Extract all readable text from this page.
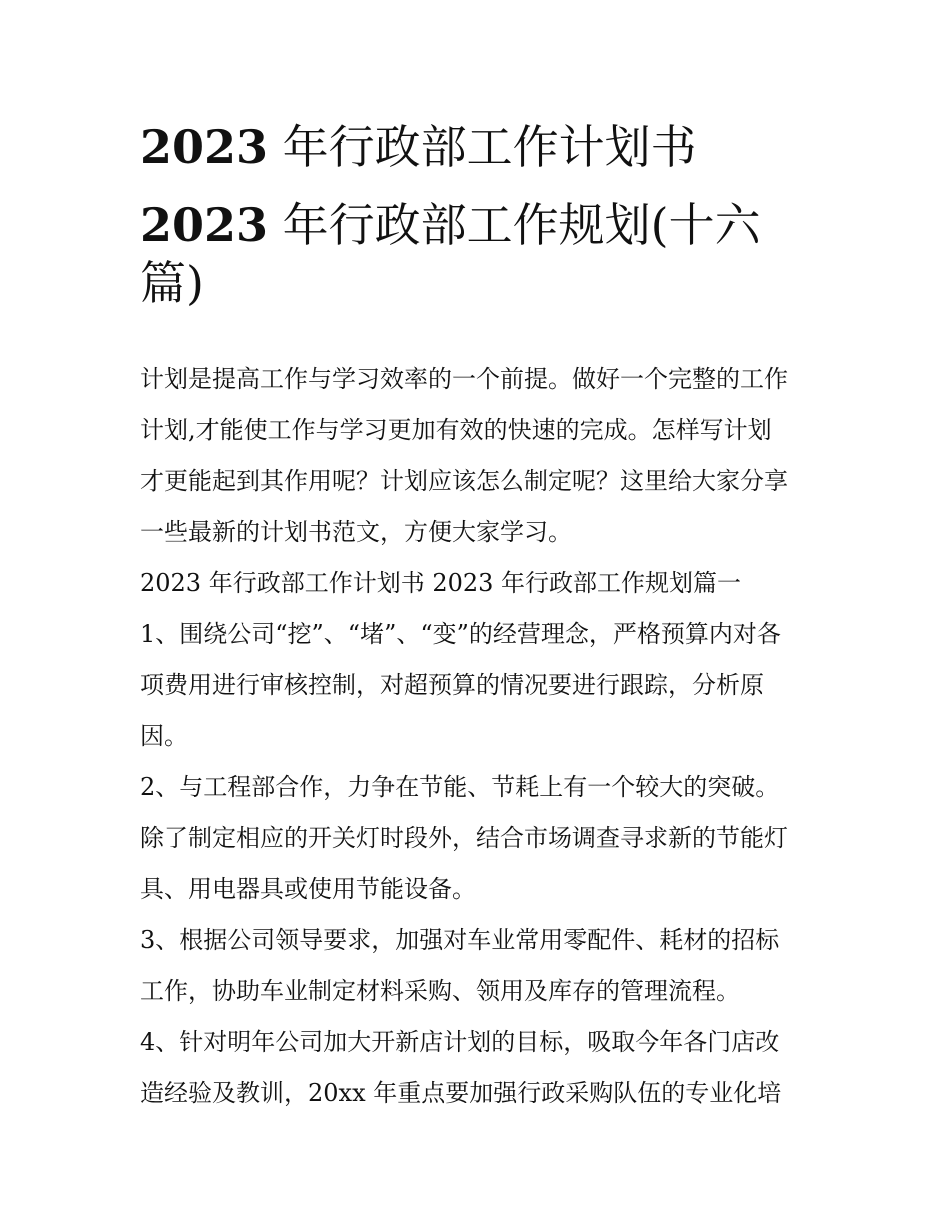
2023 年行政部工作计划书
2023 年行政部工作规划(十六
篇)

计划是提高工作与学习效率的一个前提。做好一个完整的工作
计划,才能使工作与学习更加有效的快速的完成。怎样写计划
才更能起到其作用呢？计划应该怎么制定呢？这里给大家分享
一些最新的计划书范文，方便大家学习。

2023 年行政部工作计划书 2023 年行政部工作规划篇一

1、围绕公司“挖”、“堵”、“变”的经营理念，严格预算内对各
项费用进行审核控制，对超预算的情况要进行跟踪，分析原
因。

2、与工程部合作，力争在节能、节耗上有一个较大的突破。
除了制定相应的开关灯时段外，结合市场调查寻求新的节能灯
具、用电器具或使用节能设备。

3、根据公司领导要求，加强对车业常用零配件、耗材的招标
工作，协助车业制定材料采购、领用及库存的管理流程。

4、针对明年公司加大开新店计划的目标，吸取今年各门店改
造经验及教训，20xx 年重点要加强行政采购队伍的专业化培
